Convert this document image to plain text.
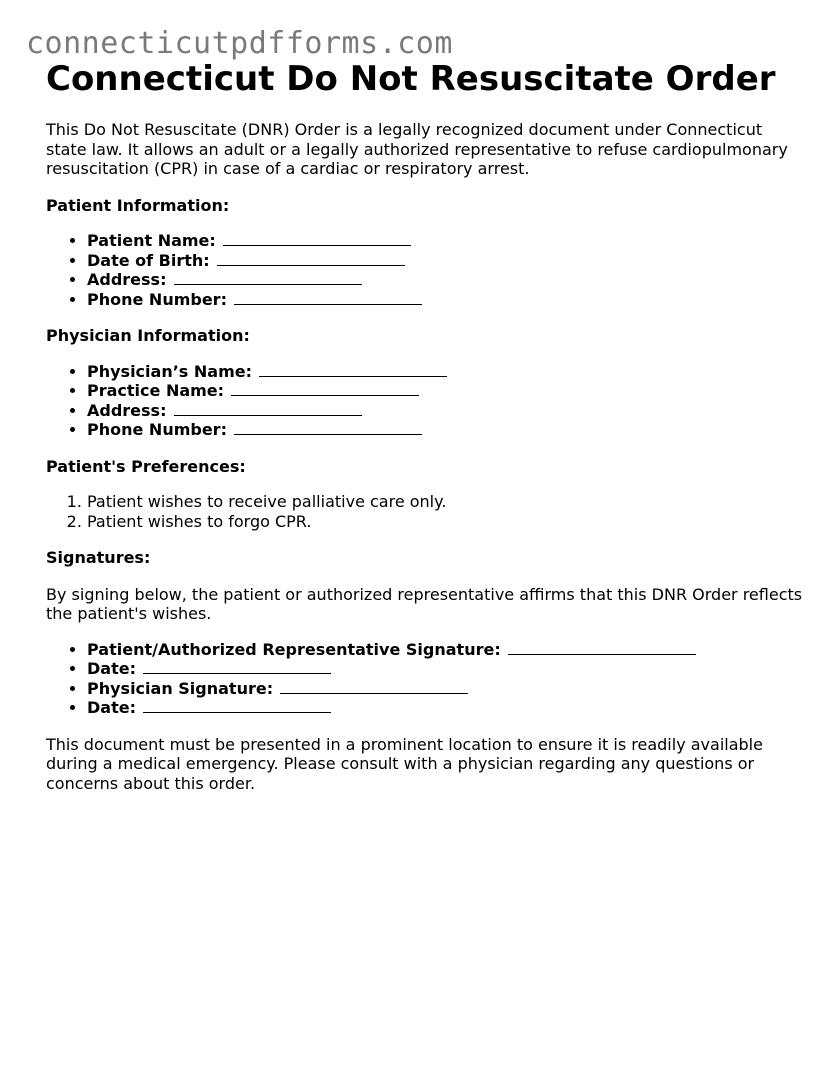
connecticutpdfforms.com
Connecticut Do Not Resuscitate Order

This Do Not Resuscitate (DNR) Order is a legally recognized document under Connecticut state law. It allows an adult or a legally authorized representative to refuse cardiopulmonary resuscitation (CPR) in case of a cardiac or respiratory arrest.

Patient Information:

• Patient Name:
• Date of Birth:
• Address:
• Phone Number:

Physician Information:

• Physician’s Name:
• Practice Name:
• Address:
• Phone Number:

Patient's Preferences:

1. Patient wishes to receive palliative care only.
2. Patient wishes to forgo CPR.

Signatures:

By signing below, the patient or authorized representative affirms that this DNR Order reflects the patient's wishes.

• Patient/Authorized Representative Signature:
• Date:
• Physician Signature:
• Date:

This document must be presented in a prominent location to ensure it is readily available during a medical emergency. Please consult with a physician regarding any questions or concerns about this order.
